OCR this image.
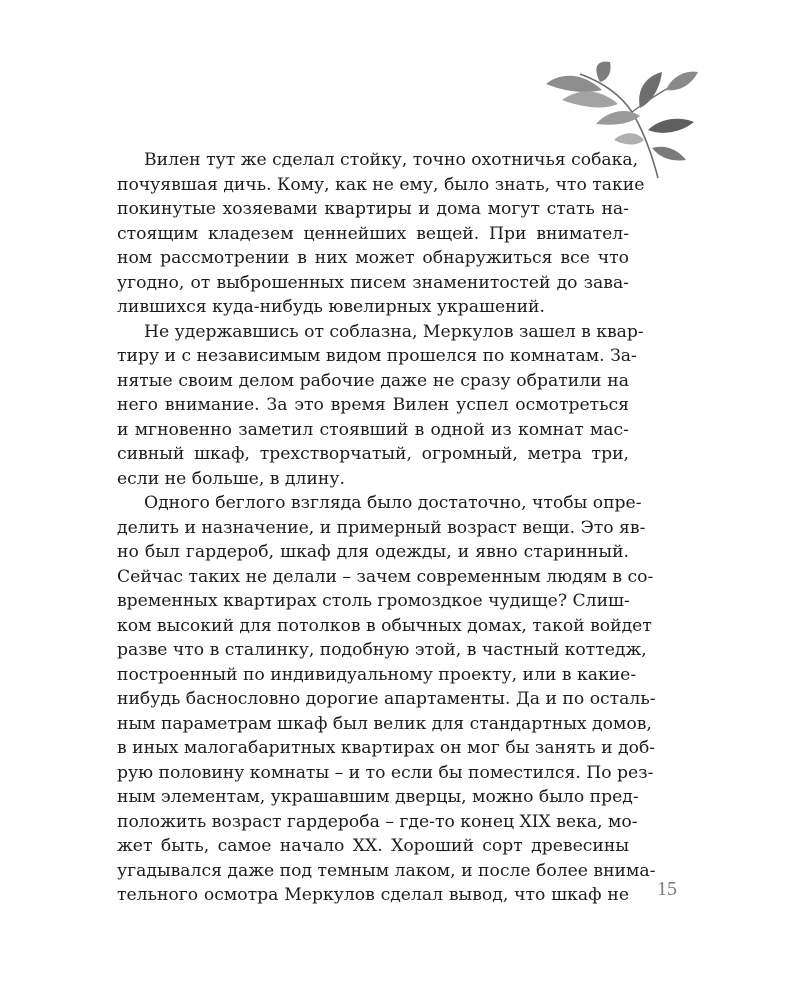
Вилен тут же сделал стойку, точно охотничья собака,
почуявшая дичь. Кому, как не ему, было знать, что такие
покинутые хозяевами квартиры и дома могут стать на-
стоящим кладезем ценнейших вещей. При внимател-
ном рассмотрении в них может обнаружиться все что
угодно, от выброшенных писем знаменитостей до зава-
лившихся куда-нибудь ювелирных украшений.
Не удержавшись от соблазна, Меркулов зашел в квар-
тиру и с независимым видом прошелся по комнатам. За-
нятые своим делом рабочие даже не сразу обратили на
него внимание. За это время Вилен успел осмотреться
и мгновенно заметил стоявший в одной из комнат мас-
сивный шкаф, трехстворчатый, огромный, метра три,
если не больше, в длину.
Одного беглого взгляда было достаточно, чтобы опре-
делить и назначение, и примерный возраст вещи. Это яв-
но был гардероб, шкаф для одежды, и явно старинный.
Сейчас таких не делали – зачем современным людям в со-
временных квартирах столь громоздкое чудище? Слиш-
ком высокий для потолков в обычных домах, такой войдет
разве что в сталинку, подобную этой, в частный коттедж,
построенный по индивидуальному проекту, или в какие-
нибудь баснословно дорогие апартаменты. Да и по осталь-
ным параметрам шкаф был велик для стандартных домов,
в иных малогабаритных квартирах он мог бы занять и доб-
рую половину комнаты – и то если бы поместился. По рез-
ным элементам, украшавшим дверцы, можно было пред-
положить возраст гардероба – где-то конец XIX века, мо-
жет быть, самое начало XX. Хороший сорт древесины
угадывался даже под темным лаком, и после более внима-
тельного осмотра Меркулов сделал вывод, что шкаф не 15
